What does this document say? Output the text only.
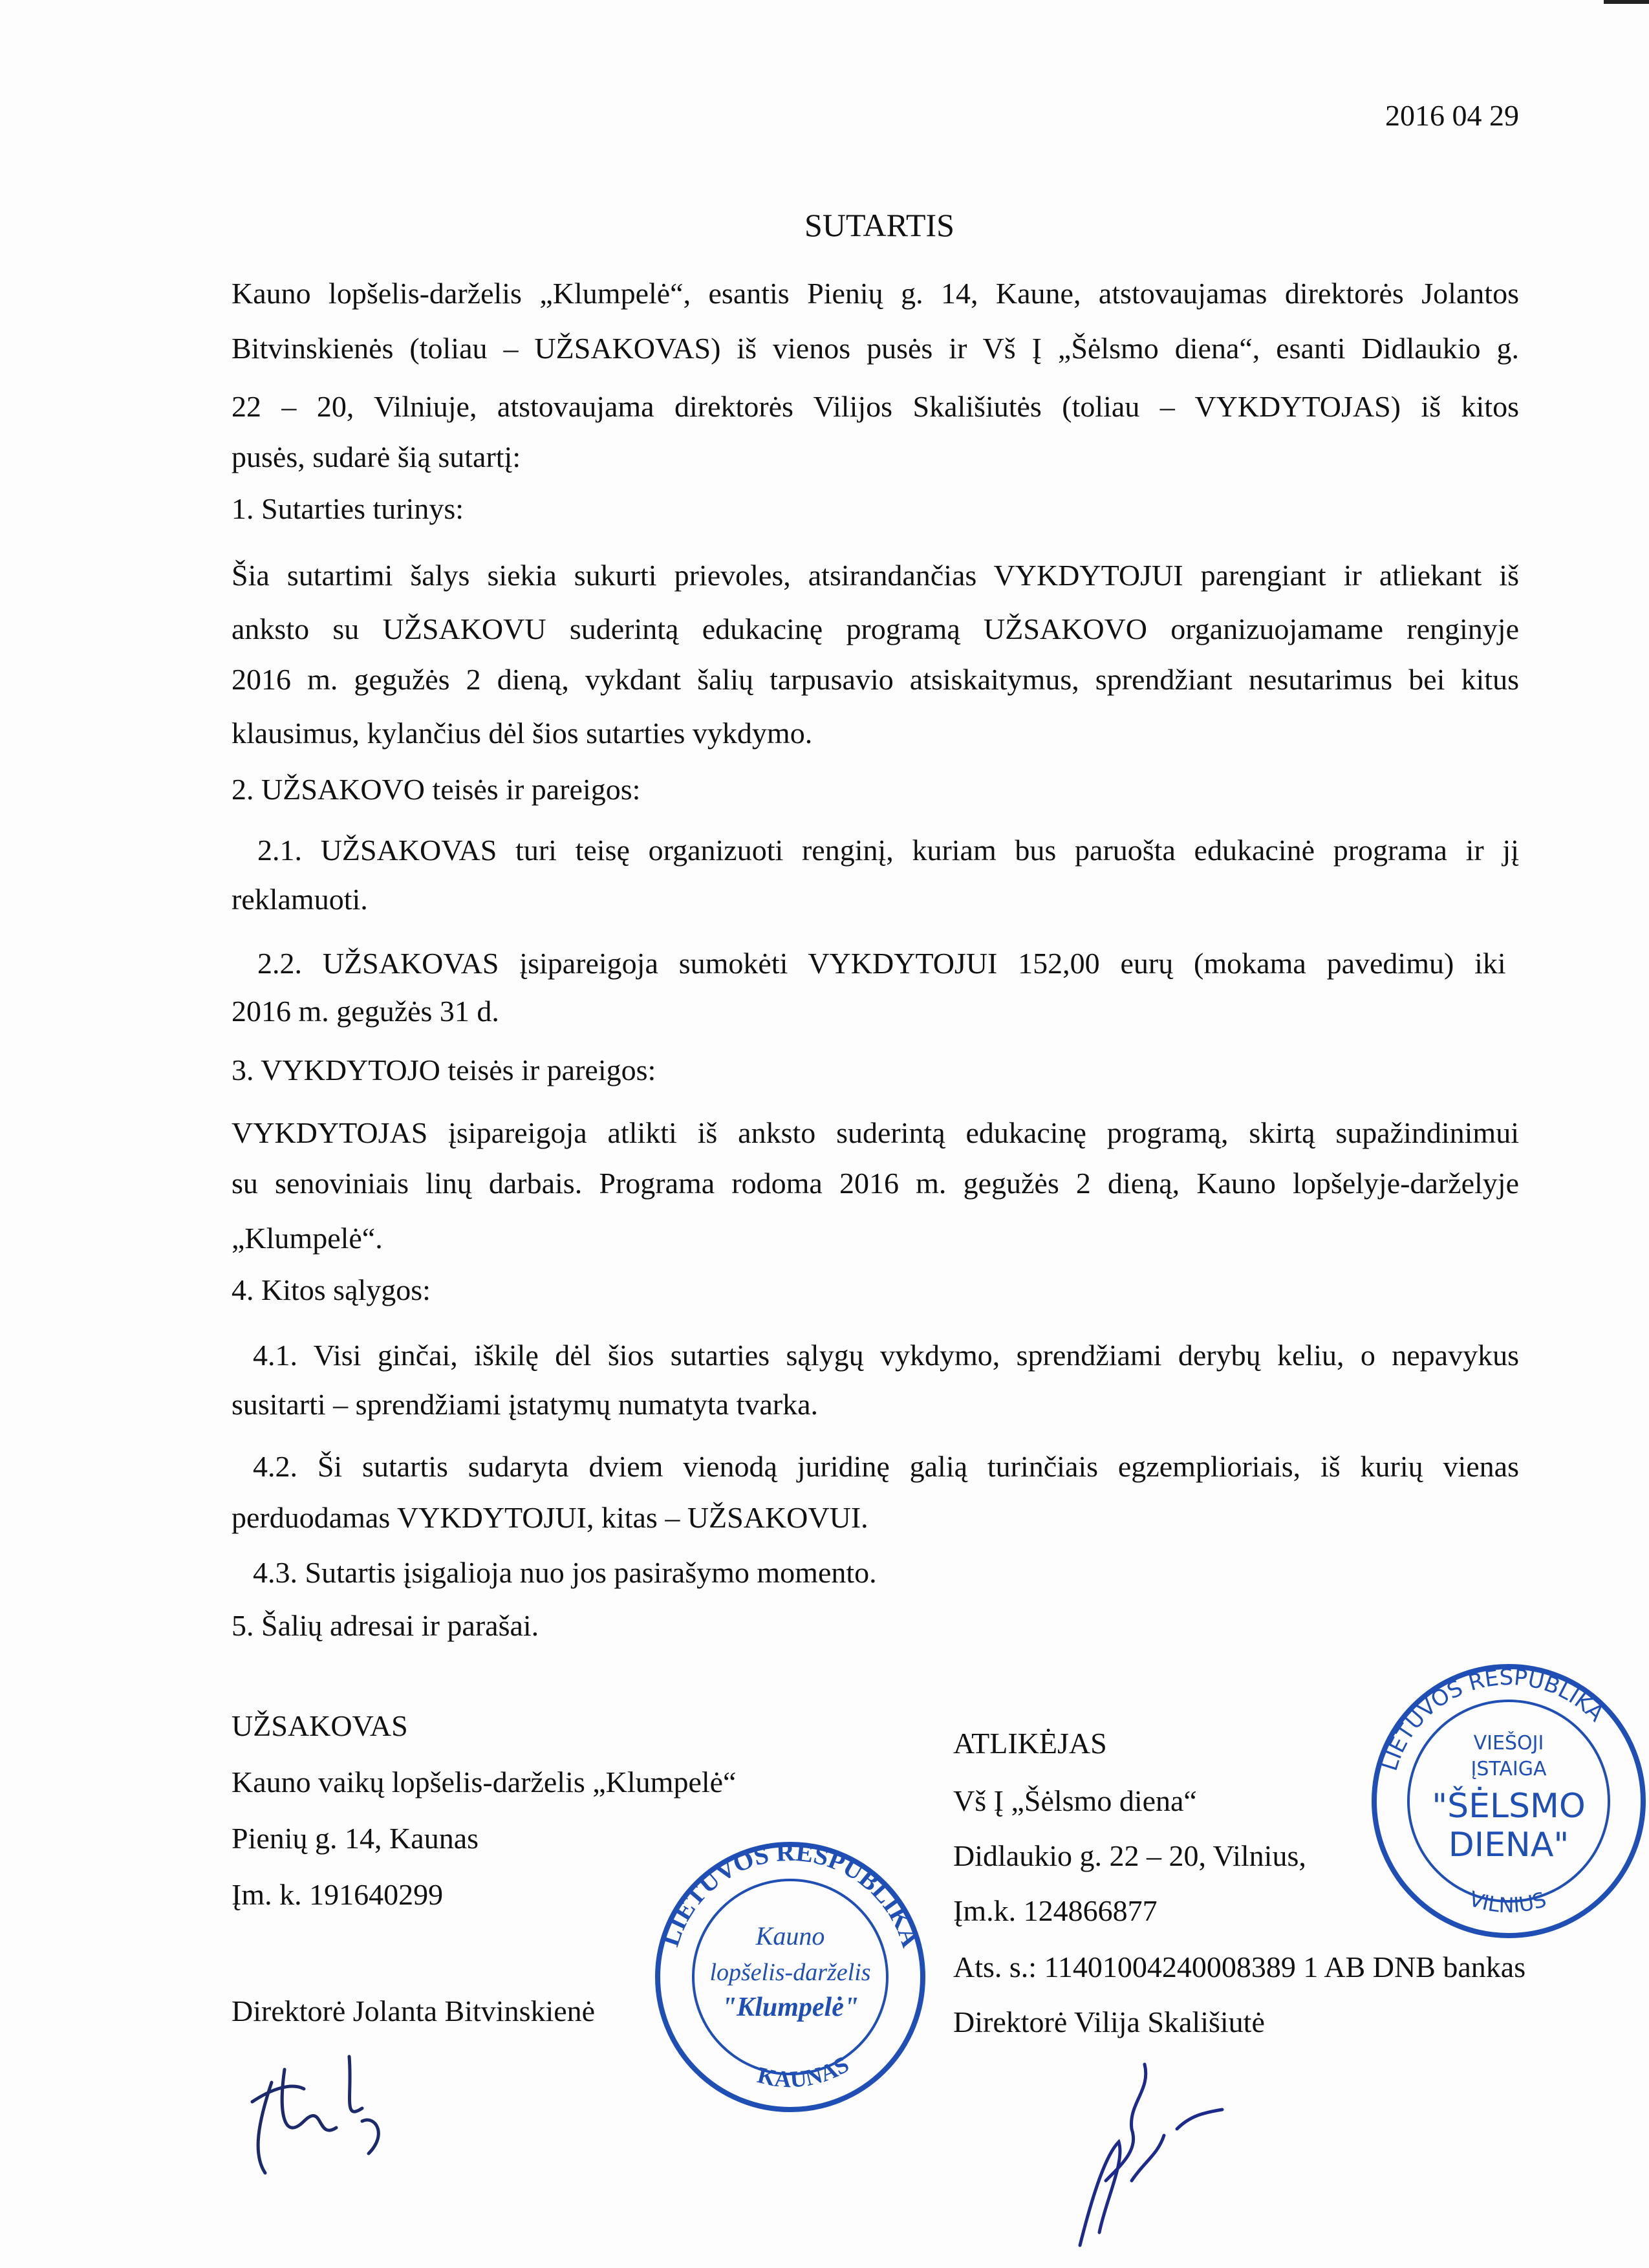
2016 04 29
SUTARTIS
Kauno lopšelis-darželis „Klumpelė“, esantis Pienių g. 14, Kaune, atstovaujamas direktorės Jolantos
Bitvinskienės (toliau – UŽSAKOVAS) iš vienos pusės ir Vš Į „Šėlsmo diena“, esanti Didlaukio g.
22 – 20, Vilniuje, atstovaujama direktorės Vilijos Skališiutės (toliau – VYKDYTOJAS) iš kitos
pusės, sudarė šią sutartį:
1. Sutarties turinys:
Šia sutartimi šalys siekia sukurti prievoles, atsirandančias VYKDYTOJUI parengiant ir atliekant iš
anksto su UŽSAKOVU suderintą edukacinę programą UŽSAKOVO organizuojamame renginyje
2016 m. gegužės 2 dieną, vykdant šalių tarpusavio atsiskaitymus, sprendžiant nesutarimus bei kitus
klausimus, kylančius dėl šios sutarties vykdymo.
2. UŽSAKOVO teisės ir pareigos:
2.1. UŽSAKOVAS turi teisę organizuoti renginį, kuriam bus paruošta edukacinė programa ir jį
reklamuoti.
2.2. UŽSAKOVAS įsipareigoja sumokėti VYKDYTOJUI 152,00 eurų (mokama pavedimu) iki
2016 m. gegužės 31 d.
3. VYKDYTOJO teisės ir pareigos:
VYKDYTOJAS įsipareigoja atlikti iš anksto suderintą edukacinę programą, skirtą supažindinimui
su senoviniais linų darbais. Programa rodoma 2016 m. gegužės 2 dieną, Kauno lopšelyje-darželyje
„Klumpelė“.
4. Kitos sąlygos:
4.1. Visi ginčai, iškilę dėl šios sutarties sąlygų vykdymo, sprendžiami derybų keliu, o nepavykus
susitarti – sprendžiami įstatymų numatyta tvarka.
4.2. Ši sutartis sudaryta dviem vienodą juridinę galią turinčiais egzemplioriais, iš kurių vienas
perduodamas VYKDYTOJUI, kitas – UŽSAKOVUI.
4.3. Sutartis įsigalioja nuo jos pasirašymo momento.
5. Šalių adresai ir parašai.
UŽSAKOVAS
Kauno vaikų lopšelis-darželis „Klumpelė“
Pienių g. 14, Kaunas
Įm. k. 191640299
Direktorė Jolanta Bitvinskienė
ATLIKĖJAS
Vš Į „Šėlsmo diena“
Didlaukio g. 22 – 20, Vilnius,
Įm.k. 124866877
Ats. s.: 11401004240008389 1 AB DNB bankas
Direktorė Vilija Skališiutė
LIETUVOS RESPUBLIKA
KAUNAS
Kauno
lopšelis-darželis
"Klumpelė"
LIETUVOS RESPUBLIKA
VILNIUS
VIEŠOJI
ĮSTAIGA
"ŠĖLSMO
DIENA"
